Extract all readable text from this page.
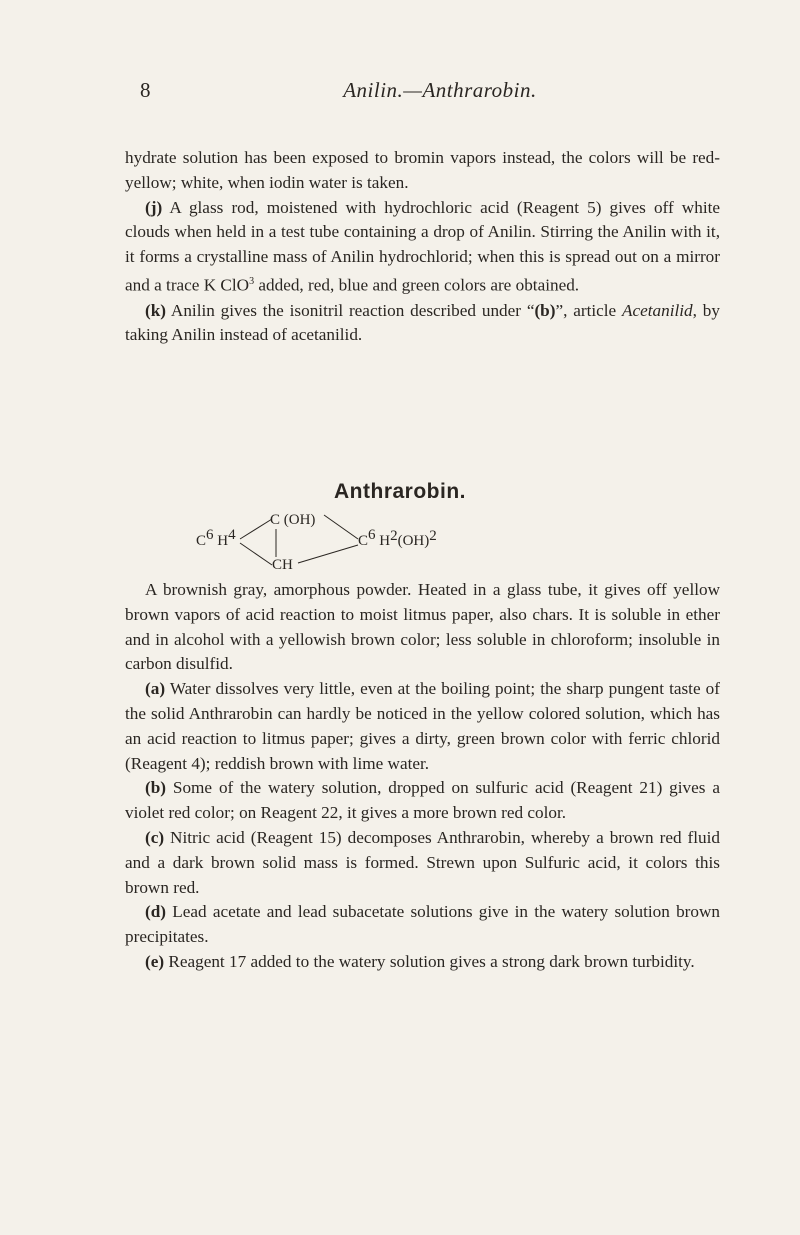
8	Anilin.—Anthrarobin.

hydrate solution has been exposed to bromin vapors instead, the colors will be red-yellow; white, when iodin water is taken.

(j) A glass rod, moistened with hydrochloric acid (Reagent 5) gives off white clouds when held in a test tube containing a drop of Anilin. Stirring the Anilin with it, it forms a crystalline mass of Anilin hydrochlorid; when this is spread out on a mirror and a trace K ClO$^3$ added, red, blue and green colors are obtained.

(k) Anilin gives the isonitril reaction described under “(b)”, article Acetanilid, by taking Anilin instead of acetanilid.

Anthrarobin.
C6 H4
C (OH)
CH
C6 H2(OH)2

A brownish gray, amorphous powder. Heated in a glass tube, it gives off yellow brown vapors of acid reaction to moist litmus paper, also chars. It is soluble in ether and in alcohol with a yellowish brown color; less soluble in chloroform; insoluble in carbon disulfid.

(a) Water dissolves very little, even at the boiling point; the sharp pungent taste of the solid Anthrarobin can hardly be noticed in the yellow colored solution, which has an acid reaction to litmus paper; gives a dirty, green brown color with ferric chlorid (Reagent 4); reddish brown with lime water.

(b) Some of the watery solution, dropped on sulfuric acid (Reagent 21) gives a violet red color; on Reagent 22, it gives a more brown red color.

(c) Nitric acid (Reagent 15) decomposes Anthrarobin, whereby a brown red fluid and a dark brown solid mass is formed. Strewn upon Sulfuric acid, it colors this brown red.

(d) Lead acetate and lead subacetate solutions give in the watery solution brown precipitates.

(e) Reagent 17 added to the watery solution gives a strong dark brown turbidity.
